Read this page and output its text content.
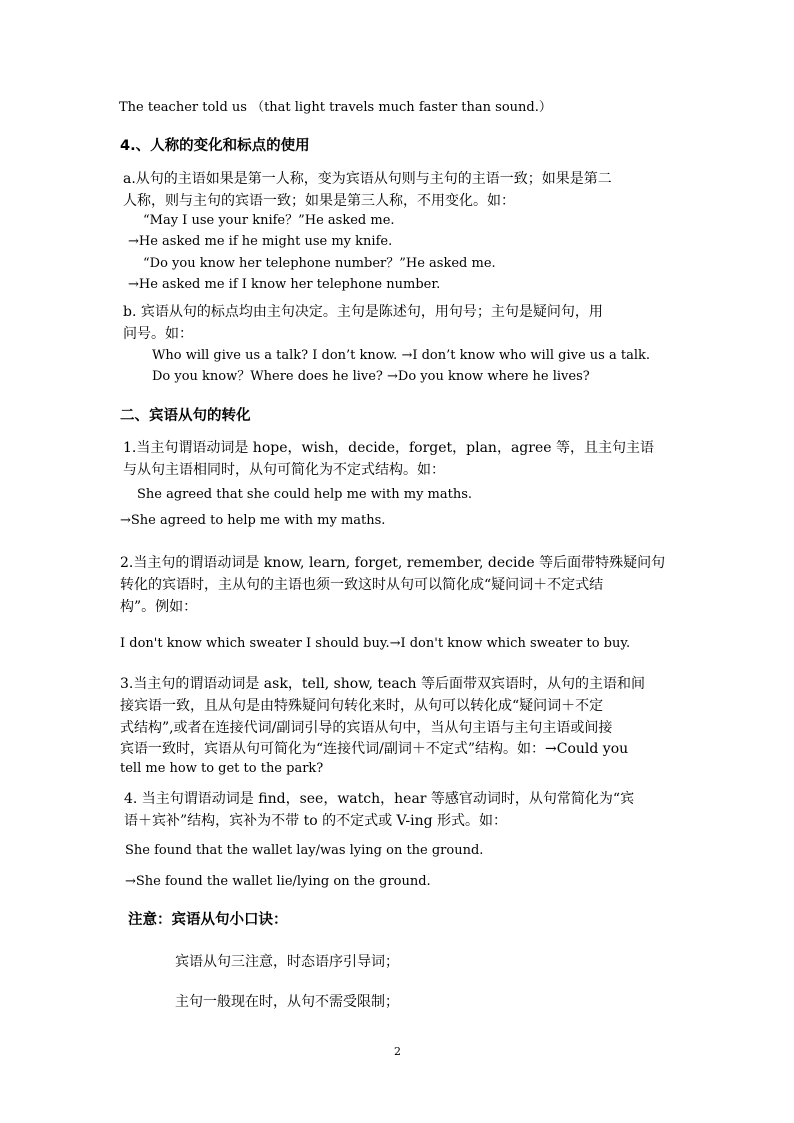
The teacher told us （that light travels much faster than sound.）
4.、人称的变化和标点的使用
a.从句的主语如果是第一人称，变为宾语从句则与主句的主语一致；如果是第二
人称，则与主句的宾语一致；如果是第三人称，不用变化。如：
“May I use your knife？”He asked me.
→He asked me if he might use my knife.
“Do you know her telephone number？”He asked me.
→He asked me if I know her telephone number.
b. 宾语从句的标点均由主句决定。主句是陈述句，用句号；主句是疑问句，用
问号。如：
Who will give us a talk? I don’t know. →I don’t know who will give us a talk.
Do you know？Where does he live? →Do you know where he lives?
二、宾语从句的转化
1.当主句谓语动词是 hope，wish，decide，forget，plan，agree 等，且主句主语
与从句主语相同时，从句可简化为不定式结构。如：
She agreed that she could help me with my maths.
→She agreed to help me with my maths.
2.当主句的谓语动词是 know, learn, forget, remember, decide 等后面带特殊疑问句
转化的宾语时，主从句的主语也须一致这时从句可以简化成“疑问词＋不定式结
构”。例如：
I don't know which sweater I should buy.→I don't know which sweater to buy.
3.当主句的谓语动词是 ask，tell, show, teach 等后面带双宾语时，从句的主语和间
接宾语一致，且从句是由特殊疑问句转化来时，从句可以转化成“疑问词＋不定
式结构”,或者在连接代词/副词引导的宾语从句中，当从句主语与主句主语或间接
宾语一致时，宾语从句可简化为“连接代词/副词＋不定式”结构。如：→Could you
tell me how to get to the park?
4. 当主句谓语动词是 find，see，watch，hear 等感官动词时，从句常简化为“宾
语＋宾补”结构，宾补为不带 to 的不定式或 V-ing 形式。如：
She found that the wallet lay/was lying on the ground.
→She found the wallet lie/lying on the ground.
注意：宾语从句小口诀：
宾语从句三注意，时态语序引导词；
主句一般现在时，从句不需受限制；
2
